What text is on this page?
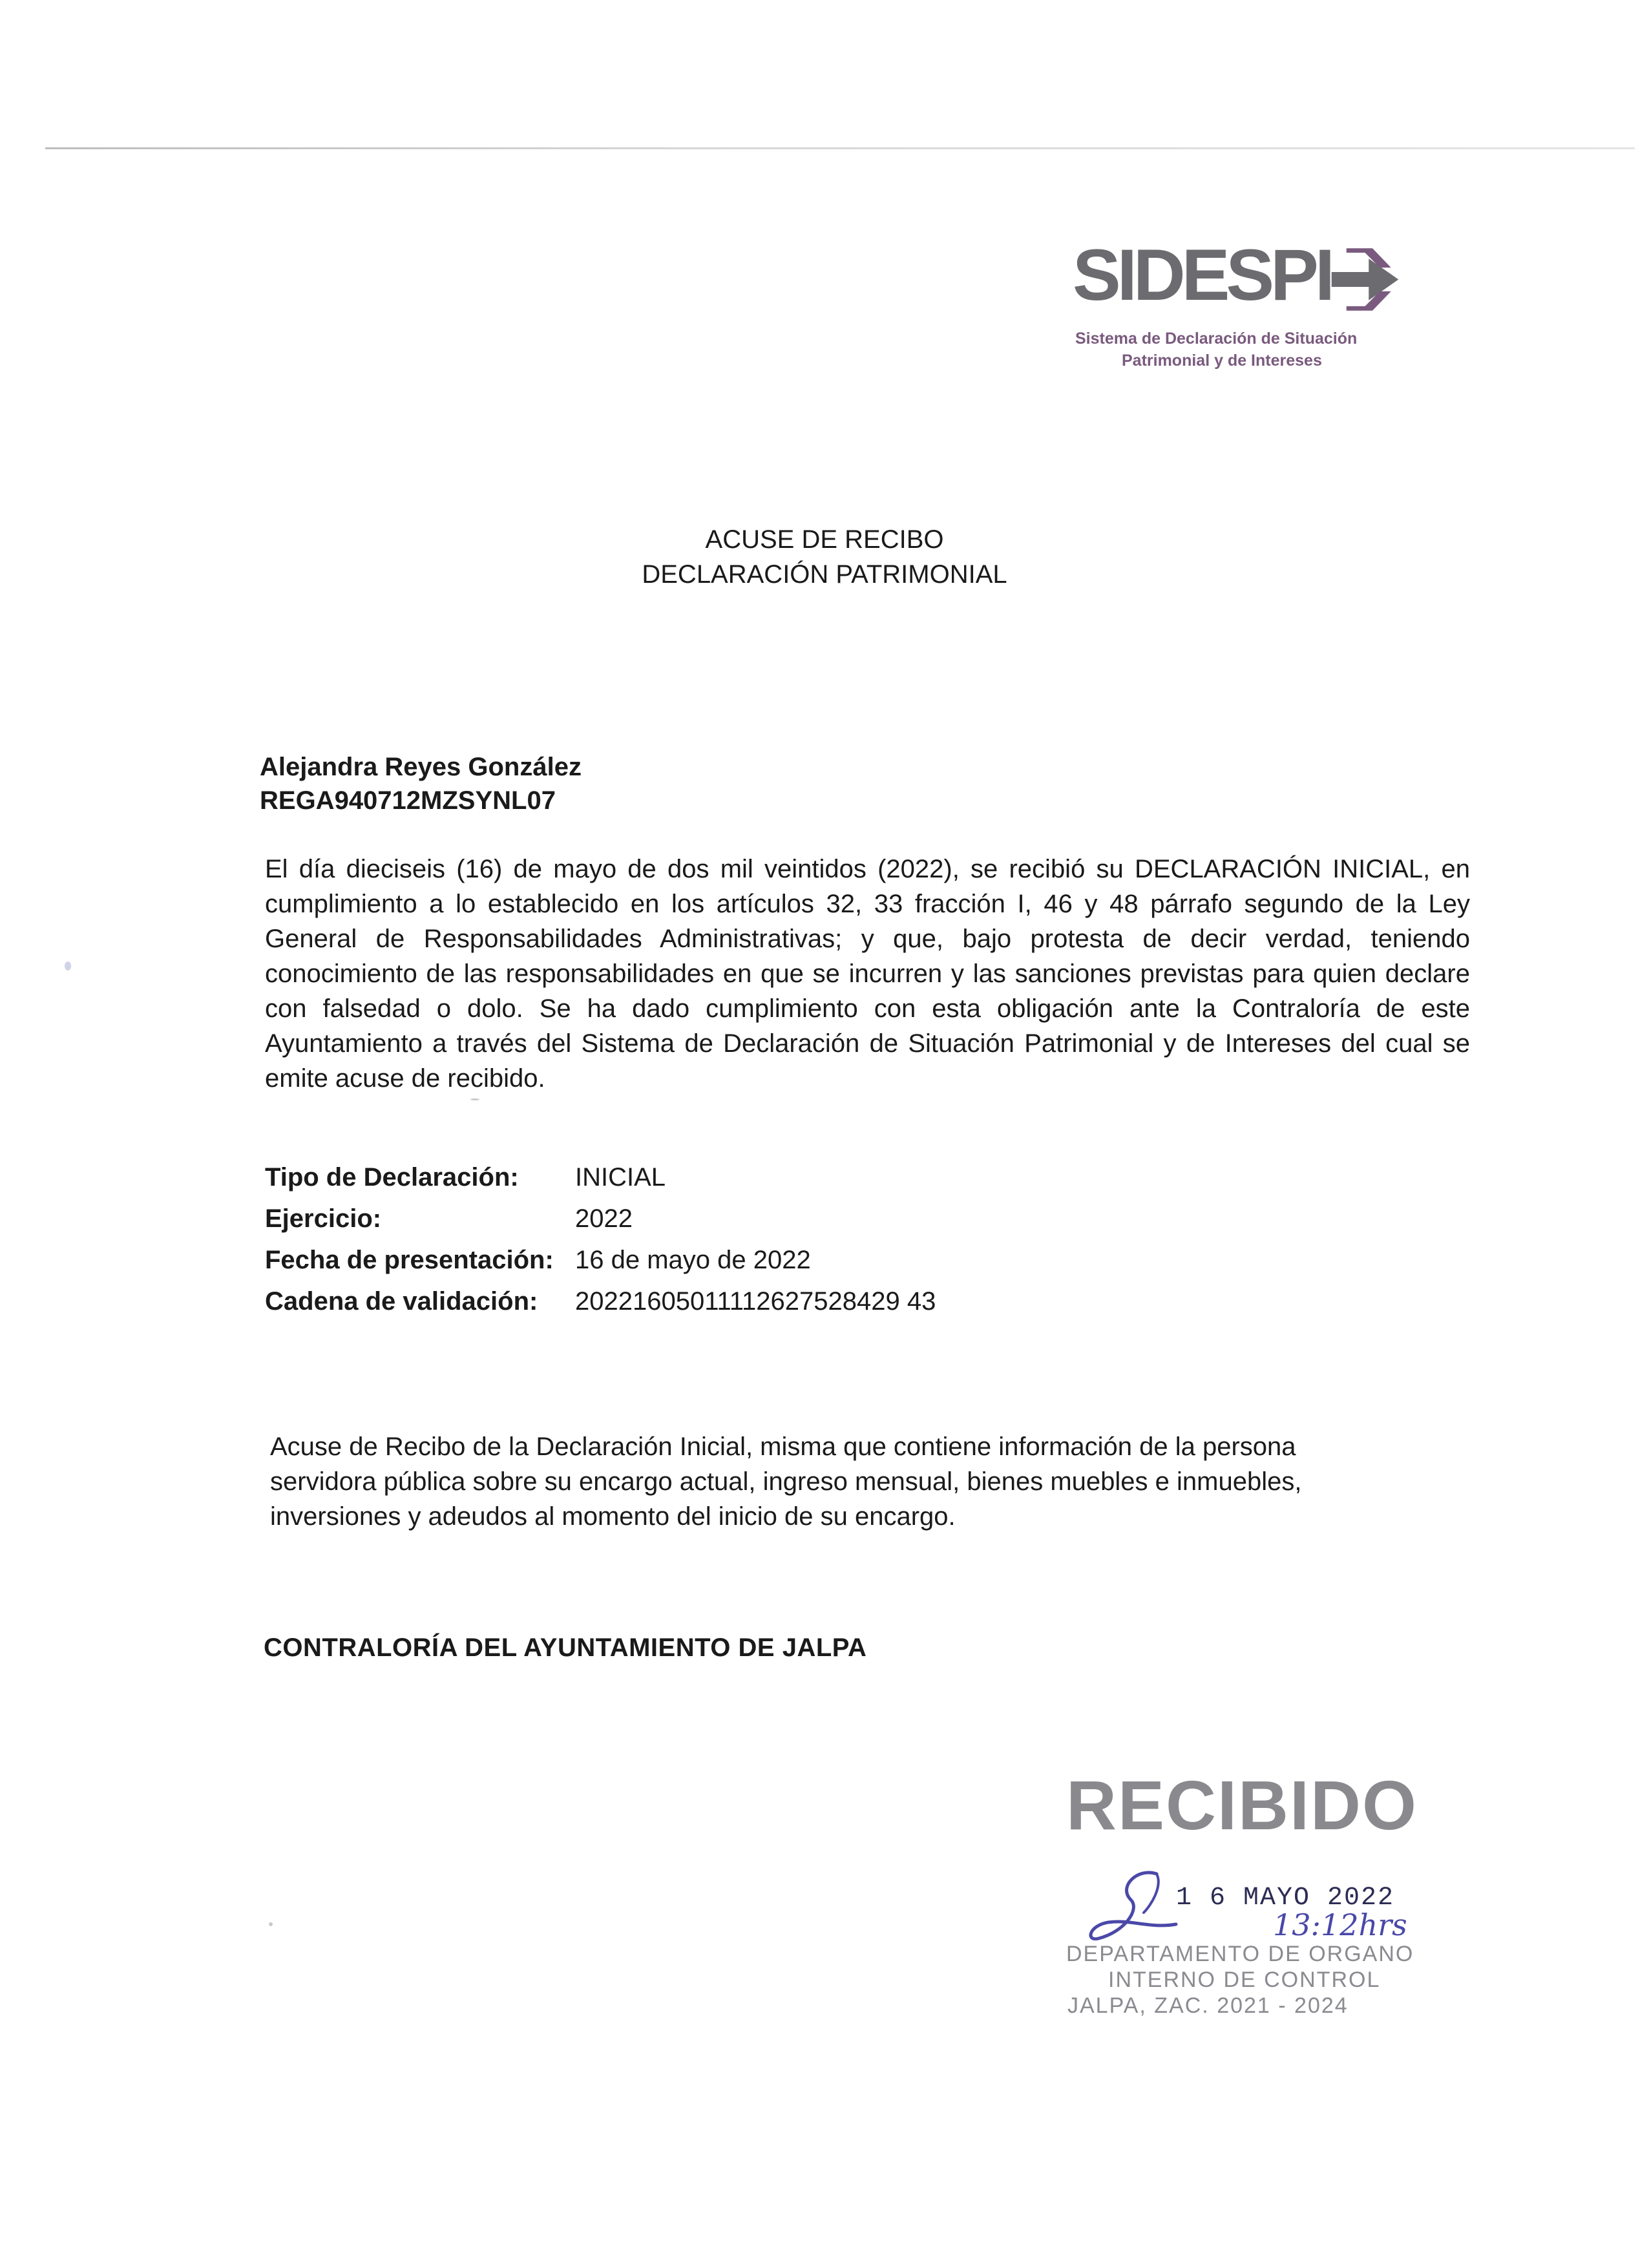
SIDESPI
Sistema de Declaración de Situación
Patrimonial y de Intereses
ACUSE DE RECIBO
DECLARACIÓN PATRIMONIAL
Alejandra Reyes González
REGA940712MZSYNL07
El día dieciseis (16) de mayo de dos mil veintidos (2022), se recibió su DECLARACIÓN INICIAL, en cumplimiento a lo establecido en los artículos 32, 33 fracción I, 46 y 48 párrafo segundo de la Ley General de Responsabilidades Administrativas; y que, bajo protesta de decir verdad, teniendo conocimiento de las responsabilidades en que se incurren y las sanciones previstas para quien declare con falsedad o dolo. Se ha dado cumplimiento con esta obligación ante la Contraloría de este Ayuntamiento a través del Sistema de Declaración de Situación Patrimonial y de Intereses del cual se emite acuse de recibido.
Tipo de Declaración:	INICIAL
Ejercicio:	2022
Fecha de presentación: 16 de mayo de 2022
Cadena de validación:	20221605011112627528429 43
Acuse de Recibo de la Declaración Inicial, misma que contiene información de la persona servidora pública sobre su encargo actual, ingreso mensual, bienes muebles e inmuebles, inversiones y adeudos al momento del inicio de su encargo.
CONTRALORÍA DEL AYUNTAMIENTO DE JALPA
RECIBIDO
1 6 MAYO 2022
13:12hrs
DEPARTAMENTO DE ORGANO
INTERNO DE CONTROL
JALPA, ZAC. 2021 - 2024
